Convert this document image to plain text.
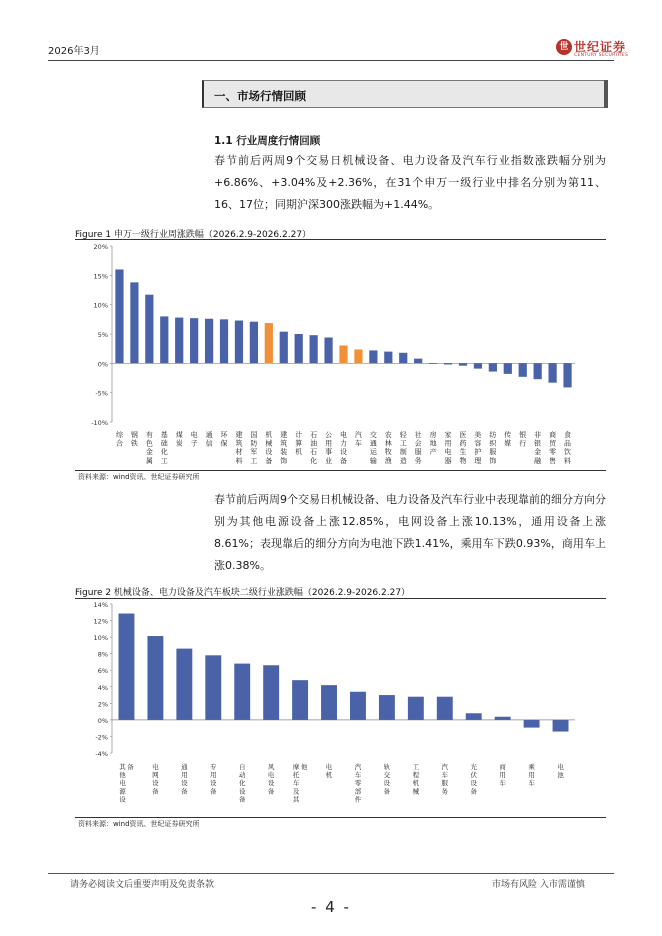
2026年3月	世 世纪证券
CENTURY SECURITIES
一、市场行情回顾
1.1 行业周度行情回顾
春节前后两周9个交易日机械设备、电力设备及汽车行业指数涨跌幅分别为+6.86%、+3.04%及+2.36%，在31个申万一级行业中排名分别为第11、16、17位；同期沪深300涨跌幅为+1.44%。
Figure 1 申万一级行业周涨跌幅（2026.2.9-2026.2.27）
20%
15%
10%
5%
0%
-5%
-10%
综合
钢铁
有色金属
基础化工
煤炭
电子
通信
环保
建筑材料
国防军工
机械设备
建筑装饰
计算机
石油石化
公用事业
电力设备
汽车
交通运输
农林牧渔
轻工制造
社会服务
房地产
家用电器
医药生物
美容护理
纺织服饰
传媒
银行
非银金融
商贸零售
食品饮料
资料来源：wind资讯、世纪证券研究所
春节前后两周9个交易日机械设备、电力设备及汽车行业中表现靠前的细分方向分别为其他电源设备上涨12.85%，电网设备上涨10.13%，通用设备上涨8.61%；表现靠后的细分方向为电池下跌1.41%，乘用车下跌0.93%，商用车上涨0.38%。
Figure 2 机械设备、电力设备及汽车板块二级行业涨跌幅（2026.2.9-2026.2.27）
14%
12%
10%
8%
6%
4%
2%
0%
-2%
-4%
其他电源设备	电网设备
通用设备
专用设备
自动化设备
风电设备
摩托车及其他	电机
汽车零部件
轨交设备
工程机械
汽车服务
光伏设备
商用车
乘用车
电池
资料来源：wind资讯、世纪证券研究所
请务必阅读文后重要声明及免责条款	市场有风险 入市需谨慎
- 4 -
